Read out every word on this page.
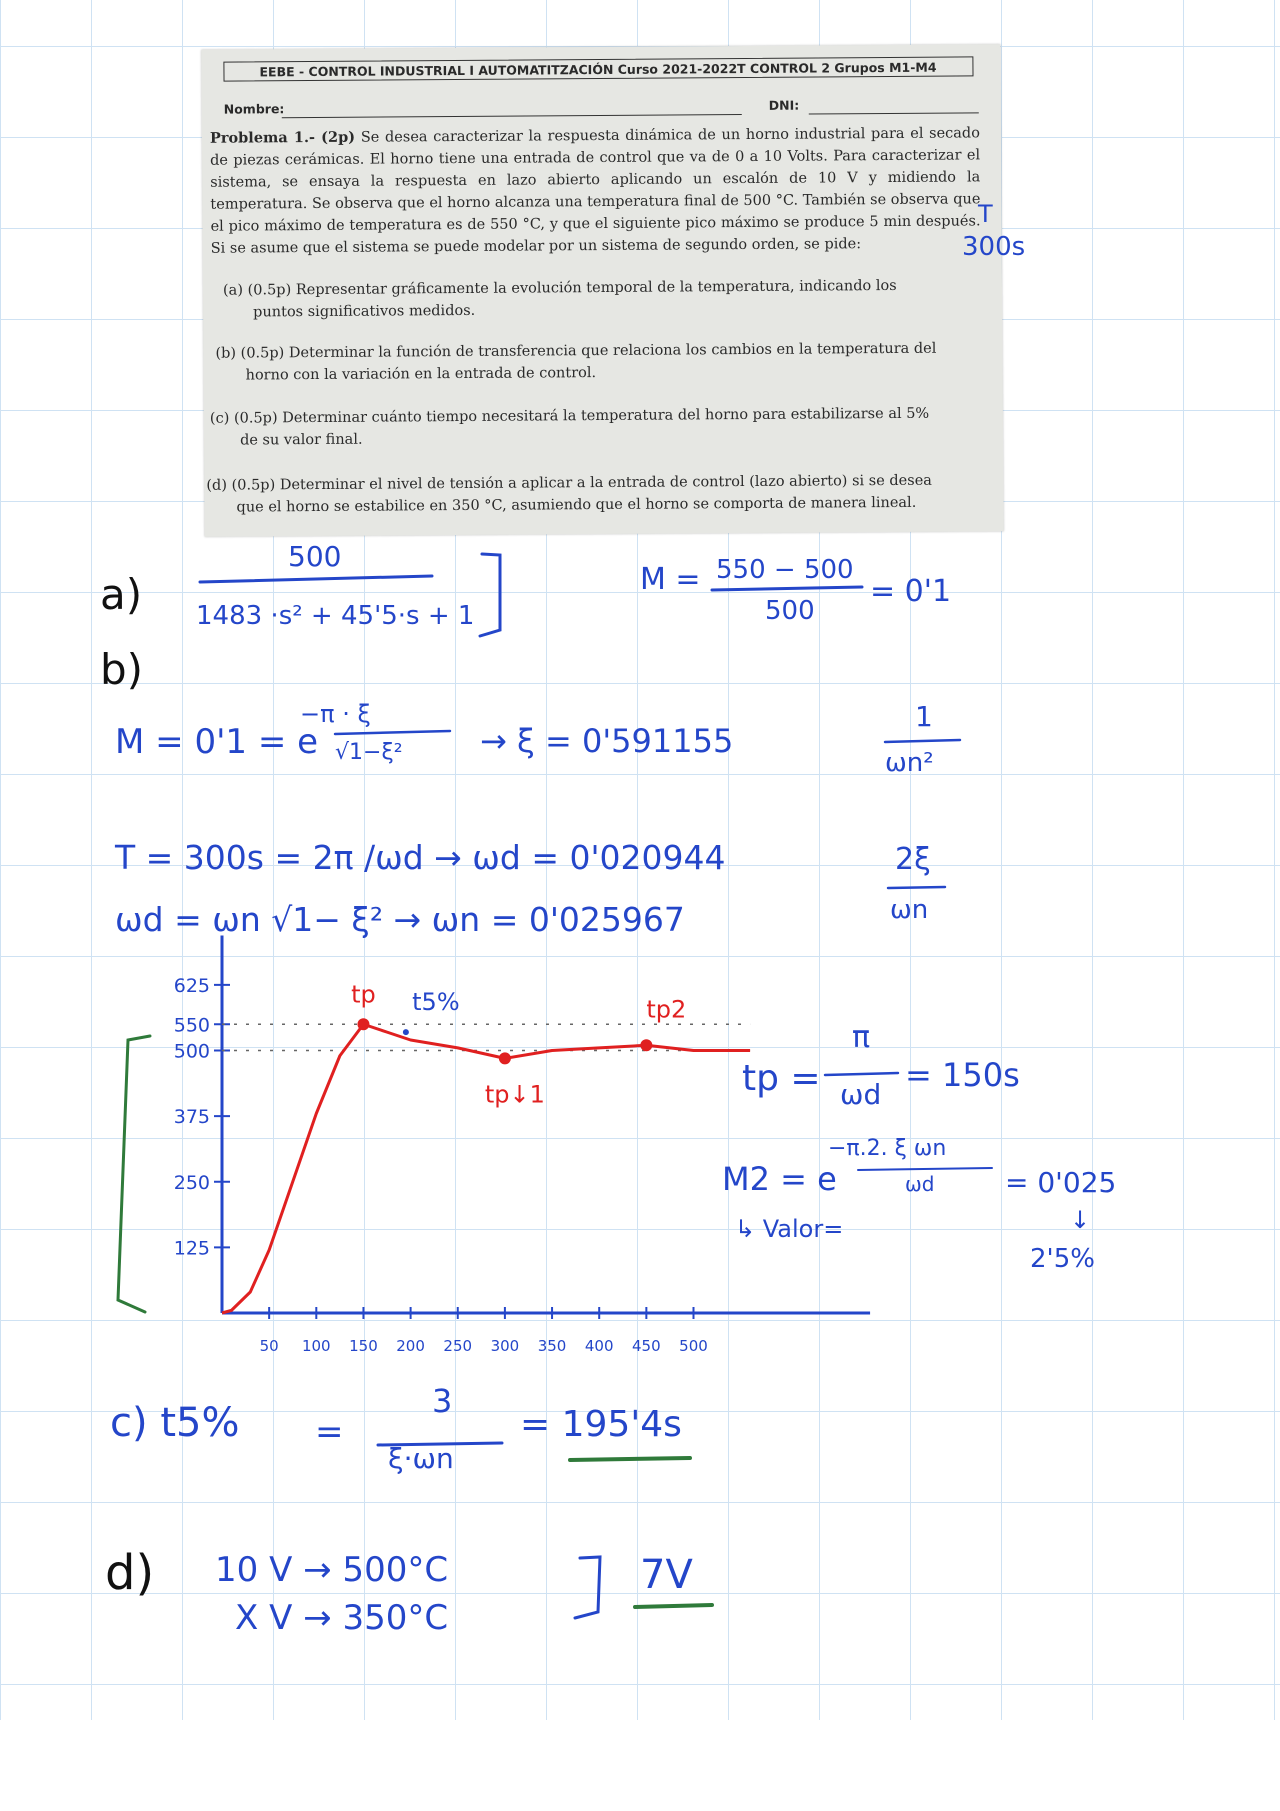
EEBE - CONTROL INDUSTRIAL I AUTOMATITZACIÓN Curso 2021-2022T CONTROL 2 Grupos M1-M4
Nombre:	DNI:
Problema 1.- (2p) Se desea caracterizar la respuesta dinámica de un horno industrial para el secado de piezas cerámicas. El horno tiene una entrada de control que va de 0 a 10 Volts. Para caracterizar el sistema, se ensaya la respuesta en lazo abierto aplicando un escalón de 10 V y midiendo la temperatura. Se observa que el horno alcanza una temperatura final de 500 °C. También se observa que el pico máximo de temperatura es de 550 °C, y que el siguiente pico máximo se produce 5 min después. Si se asume que el sistema se puede modelar por un sistema de segundo orden, se pide:
(a) (0.5p) Representar gráficamente la evolución temporal de la temperatura, indicando los
puntos significativos medidos.
(b) (0.5p) Determinar la función de transferencia que relaciona los cambios en la temperatura del
horno con la variación en la entrada de control.
(c) (0.5p) Determinar cuánto tiempo necesitará la temperatura del horno para estabilizarse al 5%
de su valor final.
(d) (0.5p) Determinar el nivel de tensión a aplicar a la entrada de control (lazo abierto) si se desea
que el horno se estabilice en 350 °C, asumiendo que el horno se comporta de manera lineal.
T
300s
a)
500
1483 ·s² + 45'5·s + 1
M = 550 − 500
500
= 0'1
b)
M = 0'1 = e
−π · ξ
√1−ξ² → ξ = 0'591155
1
ωn²
2ξ
ωn
T = 300s = 2π /ωd → ωd = 0'020944
ωd = ωn √1− ξ² → ωn = 0'025967
50 100 150 200 250 300 350 400 450 500
625
550
500
375
250
125
tp t5%
tp↓1
tp2
tp =
π
ωd
= 150s
M2 = e
−π.2. ξ ωn
ωd	= 0'025
↳ Valor=	↓
2'5%
c) t5% =
3
ξ·ωn
= 195'4s
d) 10 V → 500°C
X V → 350°C
7V
